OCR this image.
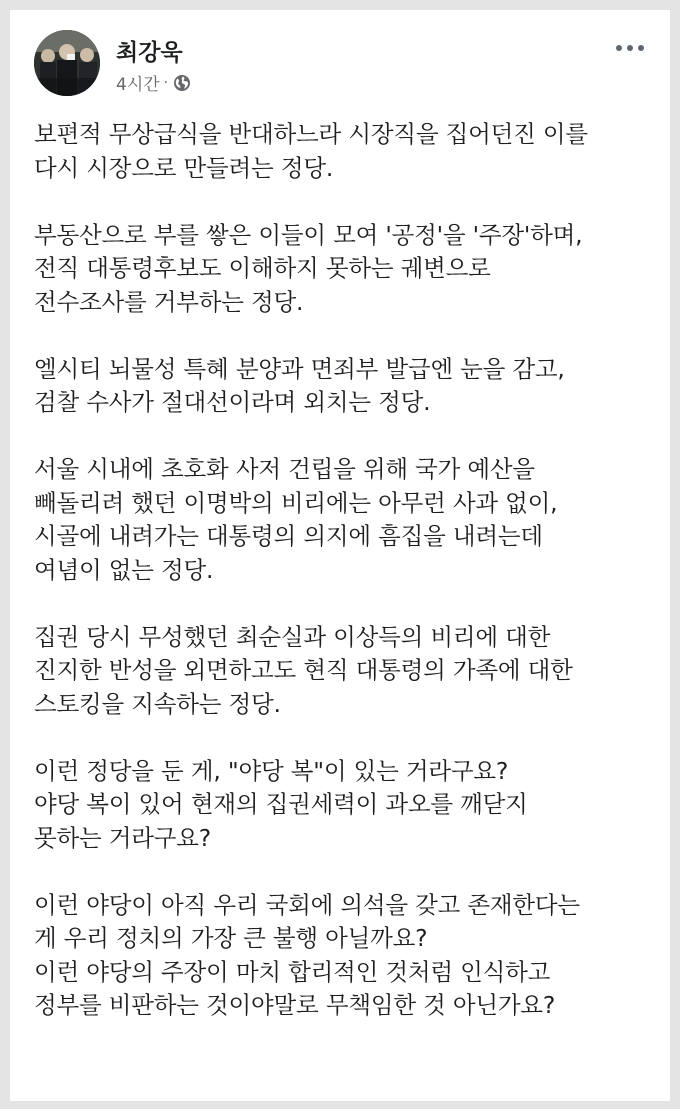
최강욱
4시간 ·
보편적 무상급식을 반대하느라 시장직을 집어던진 이를
다시 시장으로 만들려는 정당.
부동산으로 부를 쌓은 이들이 모여 '공정'을 '주장'하며,
전직 대통령후보도 이해하지 못하는 궤변으로
전수조사를 거부하는 정당.
엘시티 뇌물성 특혜 분양과 면죄부 발급엔 눈을 감고,
검찰 수사가 절대선이라며 외치는 정당.
서울 시내에 초호화 사저 건립을 위해 국가 예산을
빼돌리려 했던 이명박의 비리에는 아무런 사과 없이,
시골에 내려가는 대통령의 의지에 흠집을 내려는데
여념이 없는 정당.
집권 당시 무성했던 최순실과 이상득의 비리에 대한
진지한 반성을 외면하고도 현직 대통령의 가족에 대한
스토킹을 지속하는 정당.
이런 정당을 둔 게, "야당 복"이 있는 거라구요?
야당 복이 있어 현재의 집권세력이 과오를 깨닫지
못하는 거라구요?
이런 야당이 아직 우리 국회에 의석을 갖고 존재한다는
게 우리 정치의 가장 큰 불행 아닐까요?
이런 야당의 주장이 마치 합리적인 것처럼 인식하고
정부를 비판하는 것이야말로 무책임한 것 아닌가요?
